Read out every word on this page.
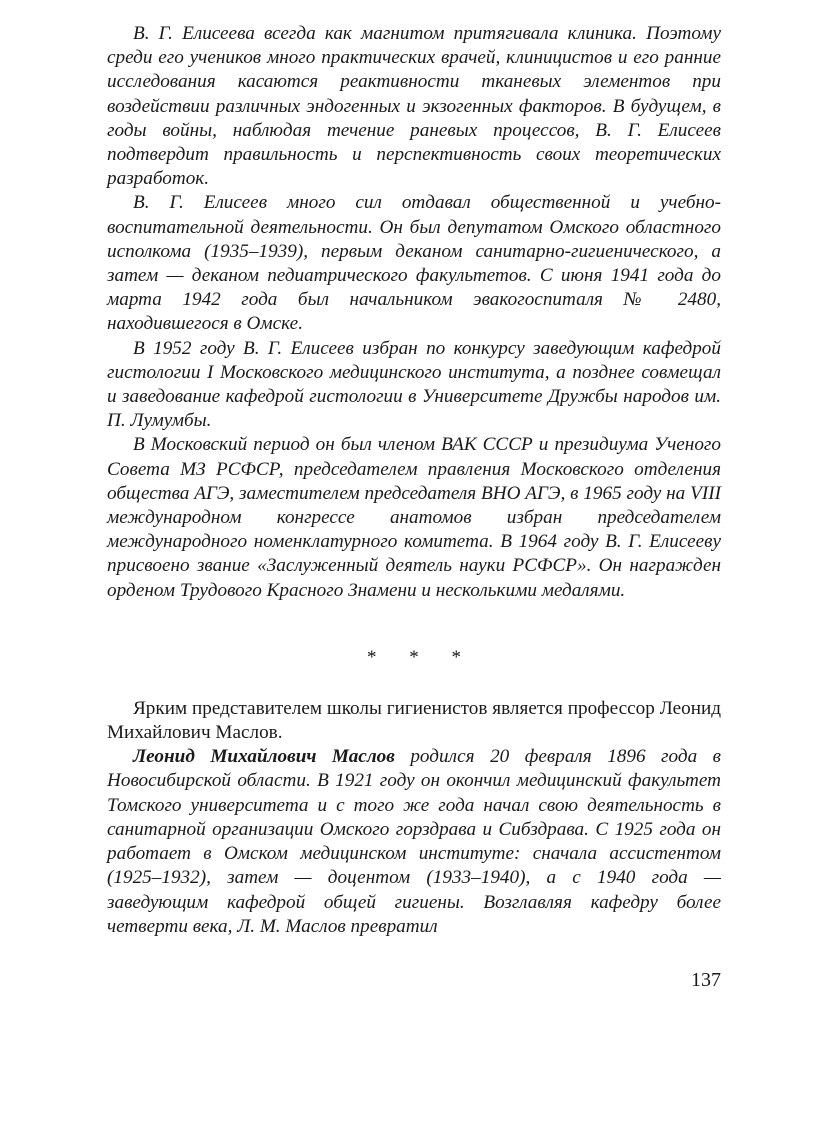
В. Г. Елисеева всегда как магнитом притягивала клиника. Поэтому среди его учеников много практических врачей, клиницистов и его ранние исследования касаются реактивности тканевых элементов при воздействии различных эндогенных и экзогенных факторов. В будущем, в годы войны, наблюдая течение раневых процессов, В. Г. Елисеев подтвердит правильность и перспективность своих теоретических разработок.

В. Г. Елисеев много сил отдавал общественной и учебно-воспитательной деятельности. Он был депутатом Омского областного исполкома (1935–1939), первым деканом санитарно-гигиенического, а затем — деканом педиатрического факультетов. С июня 1941 года до марта 1942 года был начальником эвакогоспиталя № 2480, находившегося в Омске.

В 1952 году В. Г. Елисеев избран по конкурсу заведующим кафедрой гистологии I Московского медицинского института, а позднее совмещал и заведование кафедрой гистологии в Университете Дружбы народов им. П. Лумумбы.

В Московский период он был членом ВАК СССР и президиума Ученого Совета МЗ РСФСР, председателем правления Московского отделения общества АГЭ, заместителем председателя ВНО АГЭ, в 1965 году на VIII международном конгрессе анатомов избран председателем международного номенклатурного комитета. В 1964 году В. Г. Елисееву присвоено звание «Заслуженный деятель науки РСФСР». Он награжден орденом Трудового Красного Знамени и несколькими медалями.

* * *

Ярким представителем школы гигиенистов является профессор Леонид Михайлович Маслов.

Леонид Михайлович Маслов родился 20 февраля 1896 года в Новосибирской области. В 1921 году он окончил медицинский факультет Томского университета и с того же года начал свою деятельность в санитарной организации Омского горздрава и Сибздрава. С 1925 года он работает в Омском медицинском институте: сначала ассистентом (1925–1932), затем — доцентом (1933–1940), а с 1940 года — заведующим кафедрой общей гигиены. Возглавляя кафедру более четверти века, Л. М. Маслов превратил

137
